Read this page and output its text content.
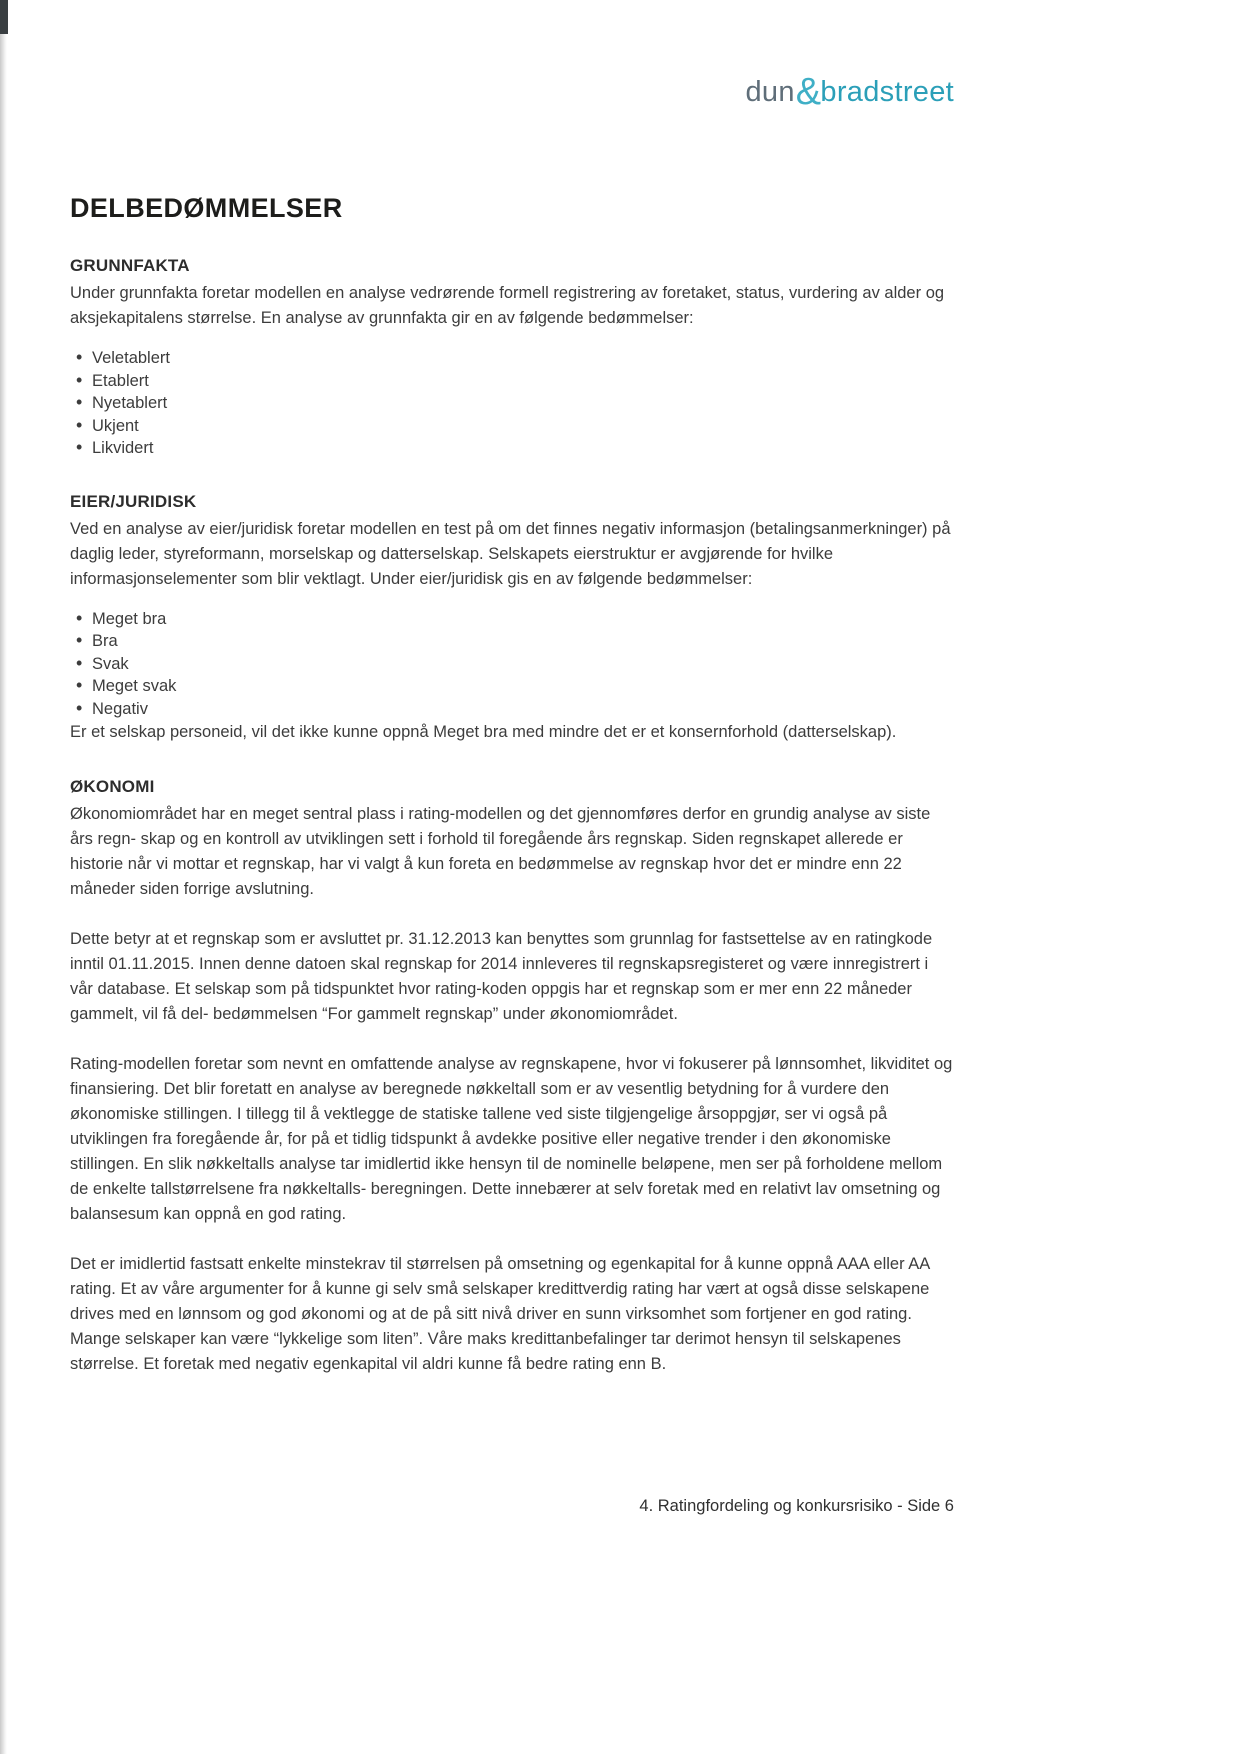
dun&bradstreet
DELBEDØMMELSER
GRUNNFAKTA

Under grunnfakta foretar modellen en analyse vedrørende formell registrering av foretaket, status, vurdering av alder og aksjekapitalens størrelse. En analyse av grunnfakta gir en av følgende bedømmelser:

• Veletablert
• Etablert
• Nyetablert
• Ukjent
• Likvidert
EIER/JURIDISK

Ved en analyse av eier/juridisk foretar modellen en test på om det finnes negativ informasjon (betalingsanmerkninger) på daglig leder, styreformann, morselskap og datterselskap. Selskapets eierstruktur er avgjørende for hvilke informasjonselementer som blir vektlagt. Under eier/juridisk gis en av følgende bedømmelser:

• Meget bra
• Bra
• Svak
• Meget svak
• Negativ

Er et selskap personeid, vil det ikke kunne oppnå Meget bra med mindre det er et konsernforhold (datterselskap).

ØKONOMI

Økonomiområdet har en meget sentral plass i rating-modellen og det gjennomføres derfor en grundig analyse av siste års regn- skap og en kontroll av utviklingen sett i forhold til foregående års regnskap. Siden regnskapet allerede er historie når vi mottar et regnskap, har vi valgt å kun foreta en bedømmelse av regnskap hvor det er mindre enn 22 måneder siden forrige avslutning.

Dette betyr at et regnskap som er avsluttet pr. 31.12.2013 kan benyttes som grunnlag for fastsettelse av en ratingkode inntil 01.11.2015. Innen denne datoen skal regnskap for 2014 innleveres til regnskapsregisteret og være innregistrert i vår database. Et selskap som på tidspunktet hvor rating-koden oppgis har et regnskap som er mer enn 22 måneder gammelt, vil få del- bedømmelsen “For gammelt regnskap” under økonomiområdet.

Rating-modellen foretar som nevnt en omfattende analyse av regnskapene, hvor vi fokuserer på lønnsomhet, likviditet og finansiering. Det blir foretatt en analyse av beregnede nøkkeltall som er av vesentlig betydning for å vurdere den økonomiske stillingen. I tillegg til å vektlegge de statiske tallene ved siste tilgjengelige årsoppgjør, ser vi også på utviklingen fra foregående år, for på et tidlig tidspunkt å avdekke positive eller negative trender i den økonomiske stillingen. En slik nøkkeltalls analyse tar imidlertid ikke hensyn til de nominelle beløpene, men ser på forholdene mellom de enkelte tallstørrelsene fra nøkkeltalls- beregningen. Dette innebærer at selv foretak med en relativt lav omsetning og balansesum kan oppnå en god rating.

Det er imidlertid fastsatt enkelte minstekrav til størrelsen på omsetning og egenkapital for å kunne oppnå AAA eller AA rating. Et av våre argumenter for å kunne gi selv små selskaper kredittverdig rating har vært at også disse selskapene drives med en lønnsom og god økonomi og at de på sitt nivå driver en sunn virksomhet som fortjener en god rating. Mange selskaper kan være “lykkelige som liten”. Våre maks kredittanbefalinger tar derimot hensyn til selskapenes størrelse. Et foretak med negativ egenkapital vil aldri kunne få bedre rating enn B.

4. Ratingfordeling og konkursrisiko - Side 6
